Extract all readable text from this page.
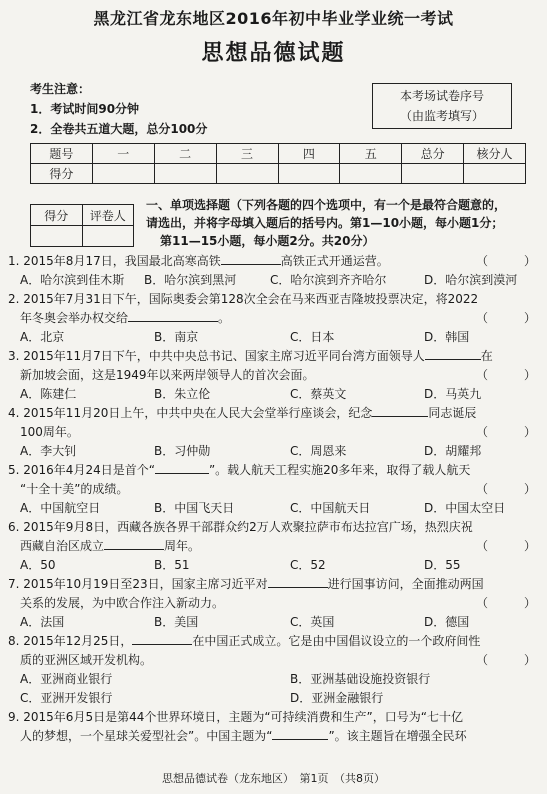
黑龙江省龙东地区2016年初中毕业学业统一考试
思想品德试题
考生注意：
1．考试时间90分钟
2．全卷共五道大题，总分100分
本考场试卷序号
（由监考填写）
题号	一	二	三	四	五	总分	核分人
得分							
得分	评卷人

一、单项选择题（下列各题的四个选项中，有一个是最符合题意的，
请选出，并将字母填入题后的括号内。第1—10小题，每小题1分；
第11—15小题，每小题2分。共20分）
1. 2015年8月17日，我国最北高寒高铁	高铁正式开通运营。	（　　　）
A．哈尔滨到佳木斯 B．哈尔滨到黑河	C．哈尔滨到齐齐哈尔	D．哈尔滨到漠河
2. 2015年7月31日下午，国际奥委会第128次全会在马来西亚吉隆坡投票决定，将2022
年冬奥会举办权交给	。	（　　　）
A．北京	B．南京	C．日本	D．韩国
3. 2015年11月7日下午，中共中央总书记、国家主席习近平同台湾方面领导人	在
新加坡会面，这是1949年以来两岸领导人的首次会面。	（　　　）
A．陈建仁	B．朱立伦	C．蔡英文	D．马英九
4. 2015年11月20日上午，中共中央在人民大会堂举行座谈会，纪念	同志诞辰
100周年。	（　　　）
A．李大钊	B．习仲勋	C．周恩来	D．胡耀邦
5. 2016年4月24日是首个“	”。载人航天工程实施20多年来，取得了载人航天
“十全十美”的成绩。	（　　　）
A．中国航空日	B．中国飞天日	C．中国航天日	D．中国太空日
6. 2015年9月8日，西藏各族各界干部群众约2万人欢聚拉萨市布达拉宫广场，热烈庆祝
西藏自治区成立	周年。	（　　　）
A．50	B．51	C．52	D．55
7. 2015年10月19日至23日，国家主席习近平对	进行国事访问，全面推动两国
关系的发展，为中欧合作注入新动力。	（　　　）
A．法国	B．美国	C．英国	D．德国
8. 2015年12月25日，	在中国正式成立。它是由中国倡议设立的一个政府间性
质的亚洲区域开发机构。	（　　　）
A．亚洲商业银行	B．亚洲基础设施投资银行
C．亚洲开发银行	D．亚洲金融银行
9. 2015年6月5日是第44个世界环境日，主题为“可持续消费和生产”，口号为“七十亿
人的梦想，一个星球关爱型社会”。中国主题为“	”。该主题旨在增强全民环
思想品德试卷（龙东地区）　第1页　（共8页）
